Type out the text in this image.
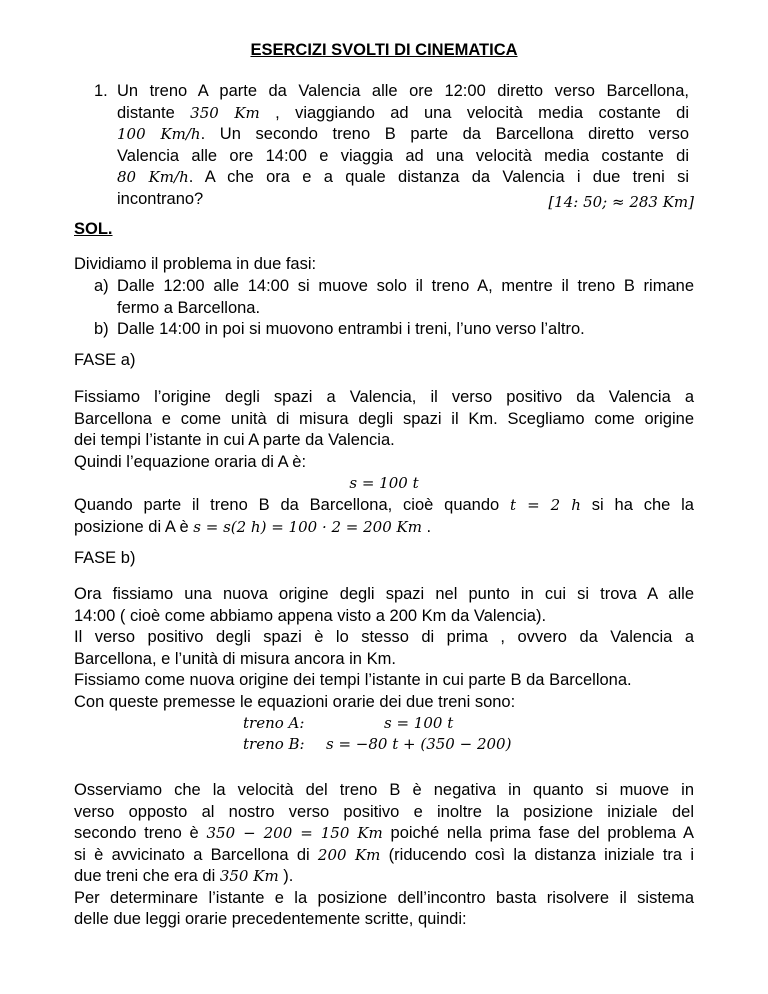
ESERCIZI SVOLTI DI CINEMATICA
1. Un treno A parte da Valencia alle ore 12:00 diretto verso Barcellona,
distante 350 Km , viaggiando ad una velocità media costante di
100 Km/h. Un secondo treno B parte da Barcellona diretto verso
Valencia alle ore 14:00 e viaggia ad una velocità media costante di
80 Km/h. A che ora e a quale distanza da Valencia i due treni si
incontrano?	[14: 50; ≈ 283 Km]
SOL.
Dividiamo il problema in due fasi:
a) Dalle 12:00 alle 14:00 si muove solo il treno A, mentre il treno B rimane
fermo a Barcellona.
b) Dalle 14:00 in poi si muovono entrambi i treni, l’uno verso l’altro.
FASE a)
Fissiamo l’origine degli spazi a Valencia, il verso positivo da Valencia a
Barcellona e come unità di misura degli spazi il Km. Scegliamo come origine
dei tempi l’istante in cui A parte da Valencia.
Quindi l’equazione oraria di A è:
s = 100 t
Quando parte il treno B da Barcellona, cioè quando t = 2 h si ha che la
posizione di A è s = s(2 h) = 100 · 2 = 200 Km .
FASE b)
Ora fissiamo una nuova origine degli spazi nel punto in cui si trova A alle
14:00 ( cioè come abbiamo appena visto a 200 Km da Valencia).
Il verso positivo degli spazi è lo stesso di prima , ovvero da Valencia a
Barcellona, e l’unità di misura ancora in Km.
Fissiamo come nuova origine dei tempi l’istante in cui parte B da Barcellona.
Con queste premesse le equazioni orarie dei due treni sono:
treno A:	s = 100 t
treno B: s = −80 t + (350 − 200)
Osserviamo che la velocità del treno B è negativa in quanto si muove in
verso opposto al nostro verso positivo e inoltre la posizione iniziale del
secondo treno è 350 − 200 = 150 Km poiché nella prima fase del problema A
si è avvicinato a Barcellona di 200 Km (riducendo così la distanza iniziale tra i
due treni che era di 350 Km ).
Per determinare l’istante e la posizione dell’incontro basta risolvere il sistema
delle due leggi orarie precedentemente scritte, quindi:
